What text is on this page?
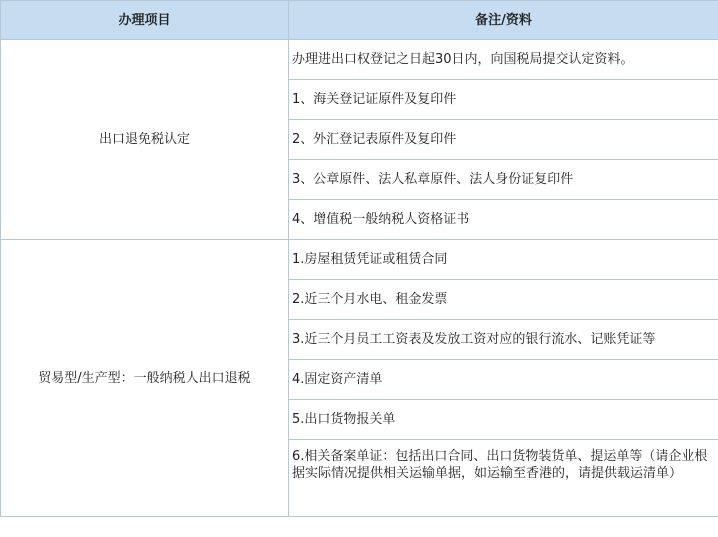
办理项目	备注/资料
出口退免税认定	办理进出口权登记之日起30日内，向国税局提交认定资料。
	1、海关登记证原件及复印件
	2、外汇登记表原件及复印件
	3、公章原件、法人私章原件、法人身份证复印件
	4、增值税一般纳税人资格证书
贸易型/生产型：一般纳税人出口退税	1.房屋租赁凭证或租赁合同
	2.近三个月水电、租金发票
	3.近三个月员工工资表及发放工资对应的银行流水、记账凭证等
	4.固定资产清单
	5.出口货物报关单
	6.相关备案单证：包括出口合同、出口货物装货单、提运单等（请企业根据实际情况提供相关运输单据，如运输至香港的，请提供载运清单）
